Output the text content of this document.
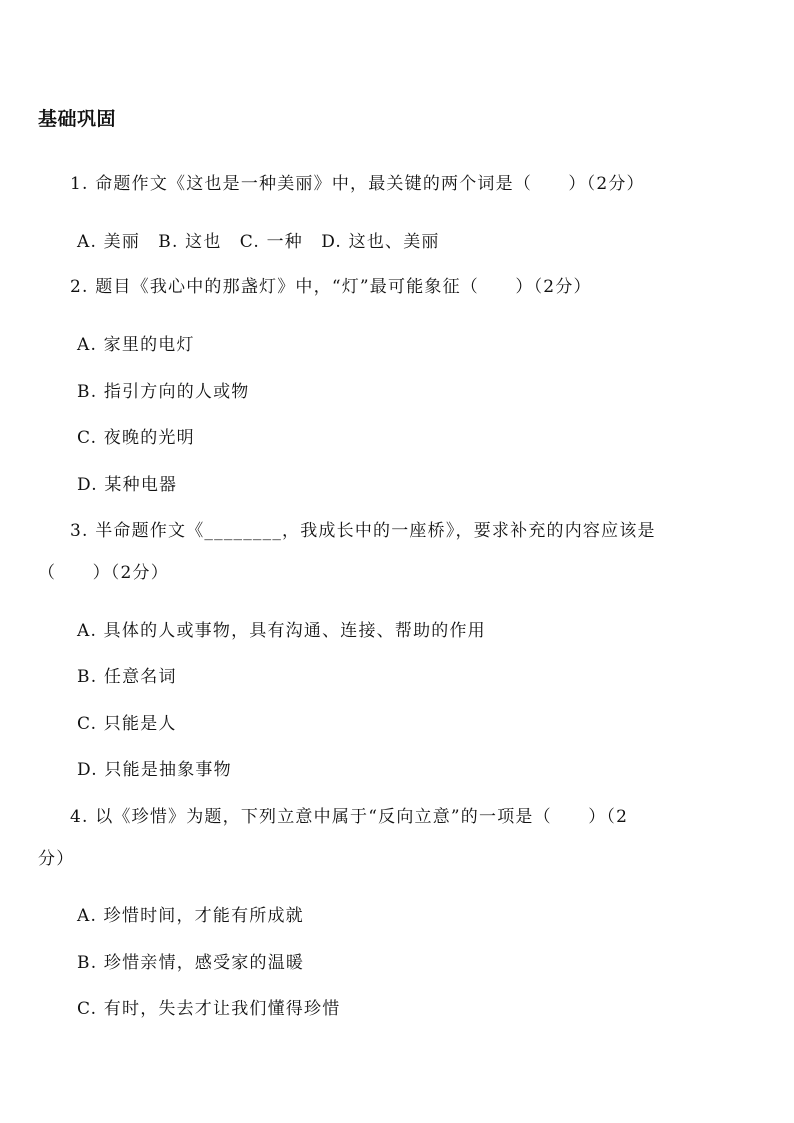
基础巩固
1. 命题作文《这也是一种美丽》中，最关键的两个词是（　　）（2分）
A. 美丽　B. 这也　C. 一种　D. 这也、美丽
2. 题目《我心中的那盏灯》中，“灯”最可能象征（　　）（2分）
A. 家里的电灯
B. 指引方向的人或物
C. 夜晚的光明
D. 某种电器
3. 半命题作文《________，我成长中的一座桥》，要求补充的内容应该是
（　　）（2分）
A. 具体的人或事物，具有沟通、连接、帮助的作用
B. 任意名词
C. 只能是人
D. 只能是抽象事物
4. 以《珍惜》为题，下列立意中属于“反向立意”的一项是（　　）（2
分）
A. 珍惜时间，才能有所成就
B. 珍惜亲情，感受家的温暖
C. 有时，失去才让我们懂得珍惜
